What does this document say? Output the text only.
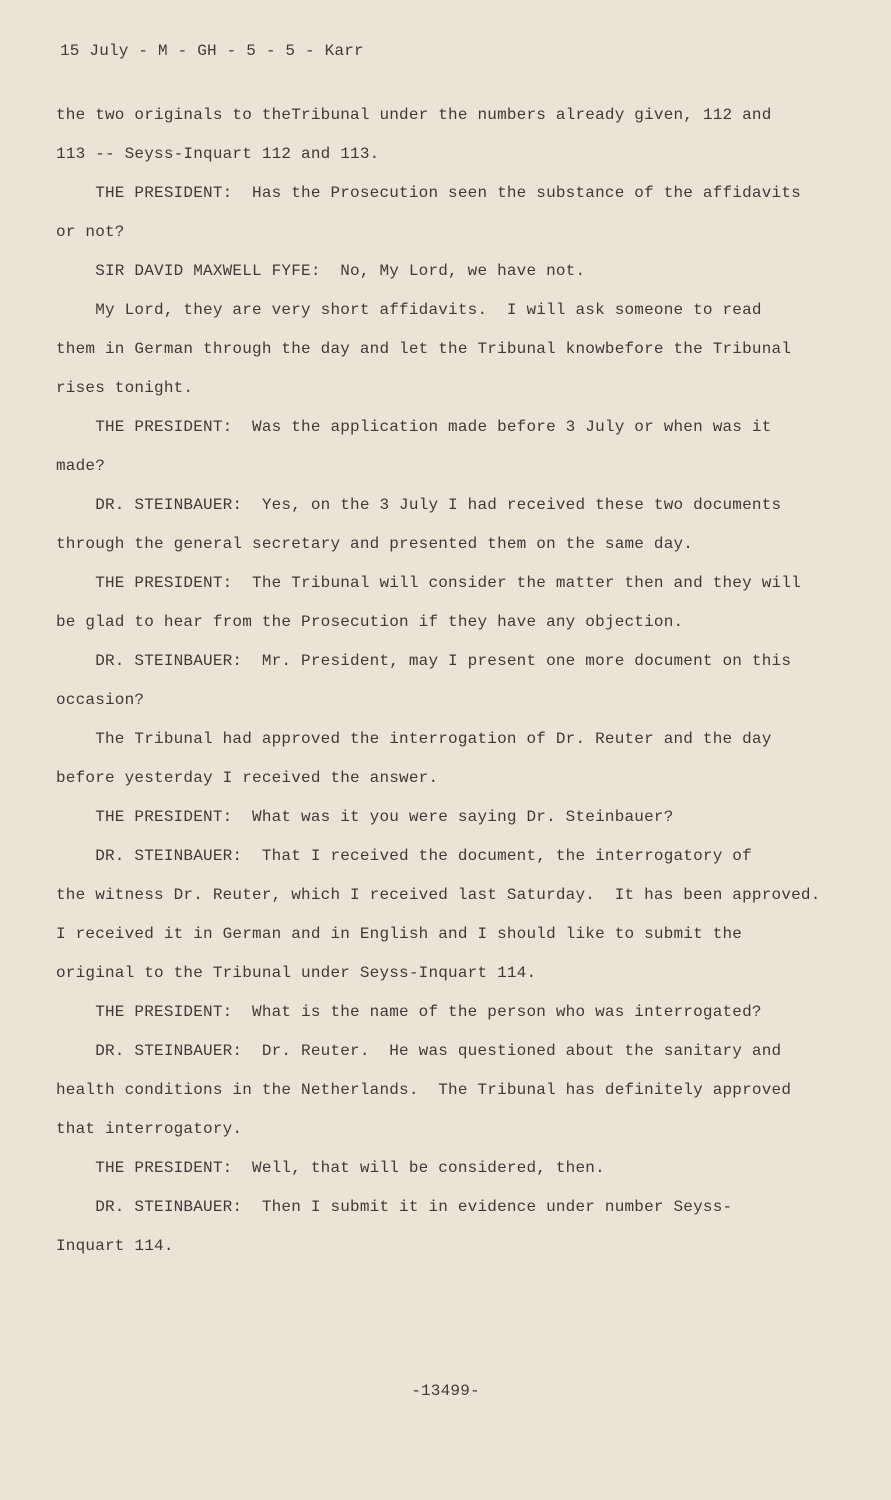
15 July - M - GH - 5 - 5 - Karr
the two originals to theTribunal under the numbers already given, 112 and
113 -- Seyss-Inquart 112 and 113.
THE PRESIDENT:  Has the Prosecution seen the substance of the affidavits
or not?
SIR DAVID MAXWELL FYFE:  No, My Lord, we have not.
My Lord, they are very short affidavits.  I will ask someone to read
them in German through the day and let the Tribunal knowbefore the Tribunal
rises tonight.
THE PRESIDENT:  Was the application made before 3 July or when was it
made?
DR. STEINBAUER:  Yes, on the 3 July I had received these two documents
through the general secretary and presented them on the same day.
THE PRESIDENT:  The Tribunal will consider the matter then and they will
be glad to hear from the Prosecution if they have any objection.
DR. STEINBAUER:  Mr. President, may I present one more document on this
occasion?
The Tribunal had approved the interrogation of Dr. Reuter and the day
before yesterday I received the answer.
THE PRESIDENT:  What was it you were saying Dr. Steinbauer?
DR. STEINBAUER:  That I received the document, the interrogatory of
the witness Dr. Reuter, which I received last Saturday.  It has been approved.
I received it in German and in English and I should like to submit the
original to the Tribunal under Seyss-Inquart 114.
THE PRESIDENT:  What is the name of the person who was interrogated?
DR. STEINBAUER:  Dr. Reuter.  He was questioned about the sanitary and
health conditions in the Netherlands.  The Tribunal has definitely approved
that interrogatory.
THE PRESIDENT:  Well, that will be considered, then.
DR. STEINBAUER:  Then I submit it in evidence under number Seyss-
Inquart 114.
-13499-
